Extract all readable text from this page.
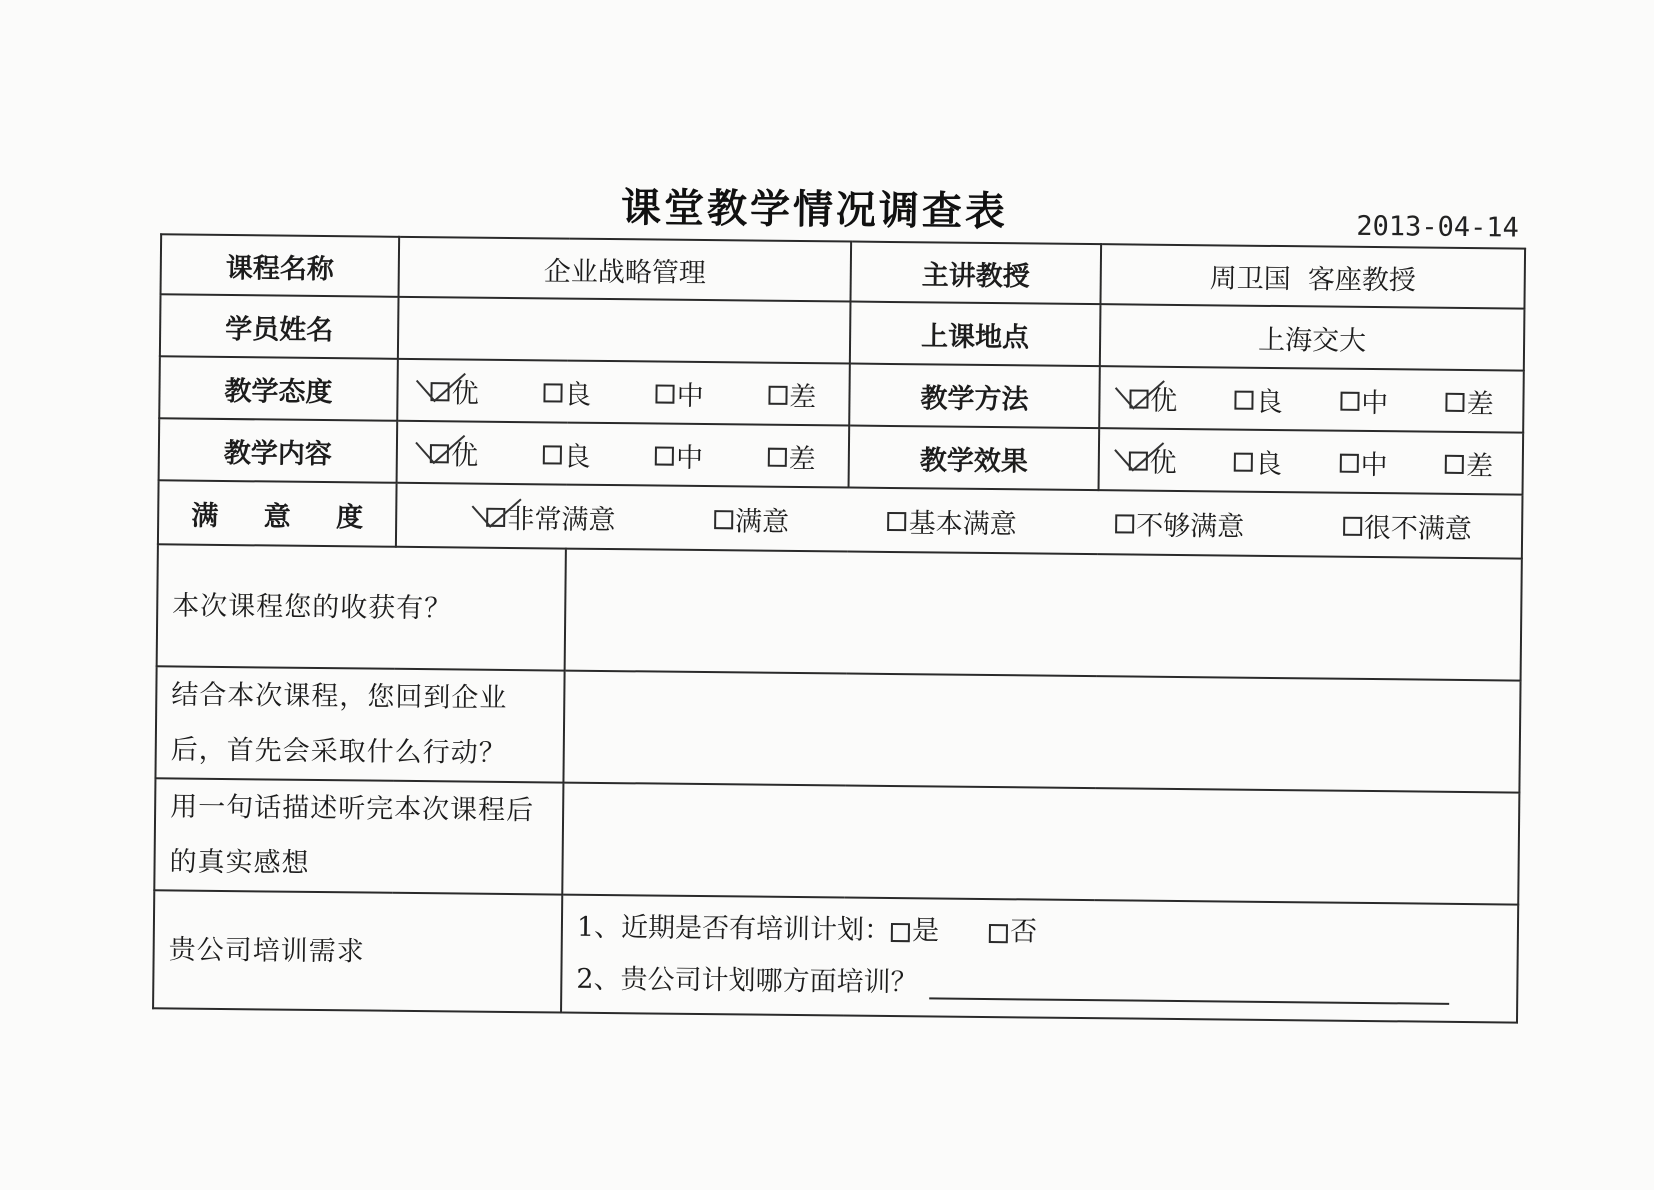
课堂教学情况调查表	2013-04-14
课程名称	企业战略管理		主讲教授	周卫国  客座教授
学员姓名			上课地点	上海交大
教学态度	优 良 中 差		教学方法	优 良 中 差

教学内容	优 良 中 差		教学效果	优 良 中 差

满 意 度	非常满意 满意 基本满意 不够满意 很不满意			

本次课程您的收获有？				
结合本次课程，您回到企业后，首先会采取什么行动？				
用一句话描述听完本次课程后的真实感想				
贵公司培训需求		1、近期是否有培训计划： 是 否
2、贵公司计划哪方面培训？		
